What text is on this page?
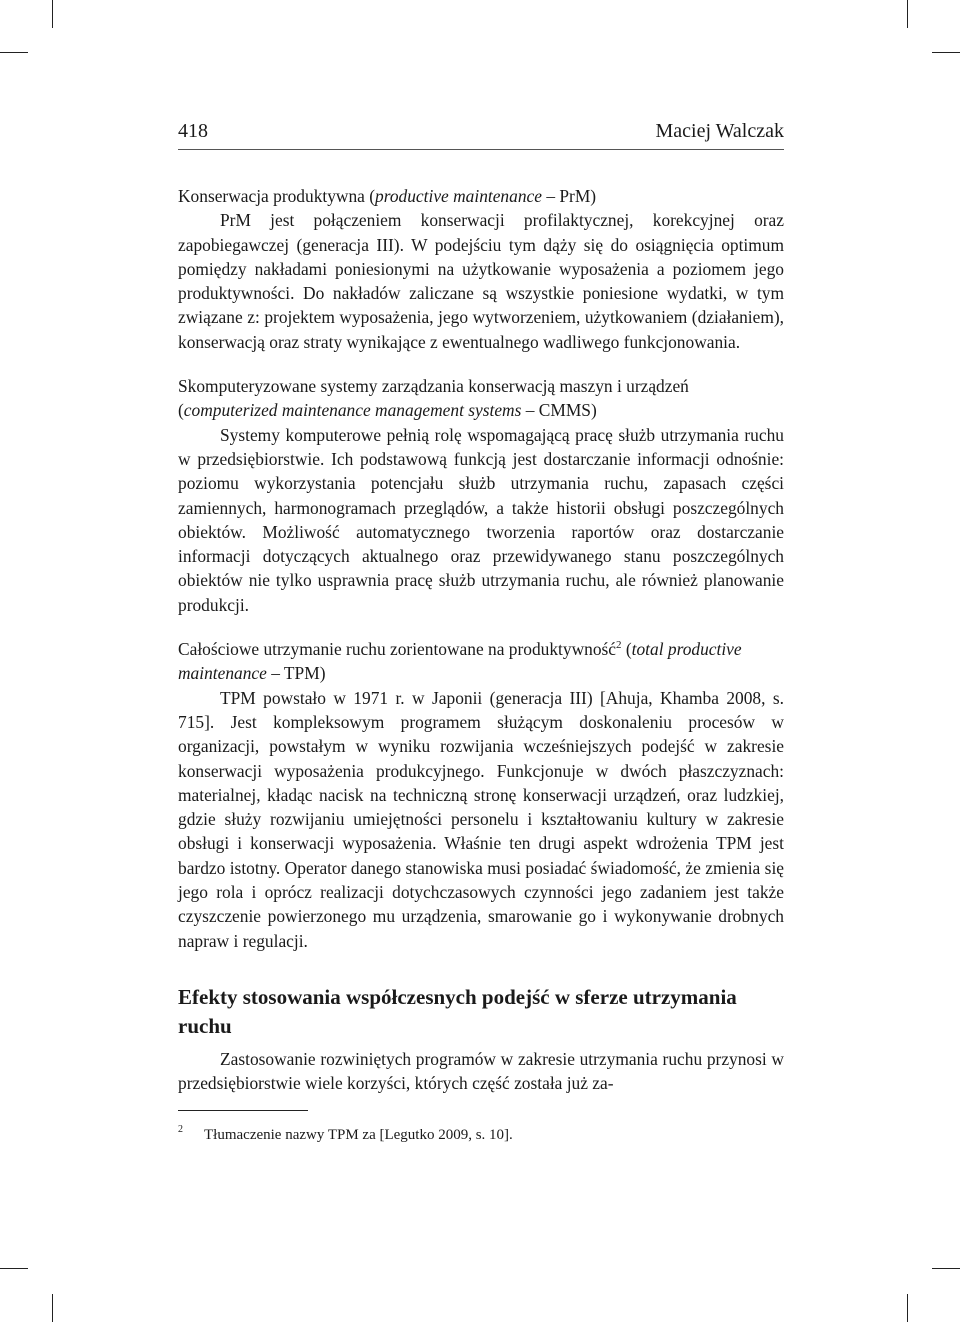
418	Maciej Walczak
Konserwacja produktywna (productive maintenance – PrM)

PrM jest połączeniem konserwacji profilaktycznej, korekcyjnej oraz zapobiegawczej (generacja III). W podejściu tym dąży się do osiągnięcia optimum pomiędzy nakładami poniesionymi na użytkowanie wyposażenia a poziomem jego produktywności. Do nakładów zaliczane są wszystkie poniesione wydatki, w tym związane z: projektem wyposażenia, jego wytworzeniem, użytkowaniem (działaniem), konserwacją oraz straty wynikające z ewentualnego wadliwego funkcjonowania.

Skomputeryzowane systemy zarządzania konserwacją maszyn i urządzeń (computerized maintenance management systems – CMMS)

Systemy komputerowe pełnią rolę wspomagającą pracę służb utrzymania ruchu w przedsiębiorstwie. Ich podstawową funkcją jest dostarczanie informacji odnośnie: poziomu wykorzystania potencjału służb utrzymania ruchu, zapasach części zamiennych, harmonogramach przeglądów, a także historii obsługi poszczególnych obiektów. Możliwość automatycznego tworzenia raportów oraz dostarczanie informacji dotyczących aktualnego oraz przewidywanego stanu poszczególnych obiektów nie tylko usprawnia pracę służb utrzymania ruchu, ale również planowanie produkcji.

Całościowe utrzymanie ruchu zorientowane na produktywność$^2$ (total productive maintenance – TPM)

TPM powstało w 1971 r. w Japonii (generacja III) [Ahuja, Khamba 2008, s. 715]. Jest kompleksowym programem służącym doskonaleniu procesów w organizacji, powstałym w wyniku rozwijania wcześniejszych podejść w zakresie konserwacji wyposażenia produkcyjnego. Funkcjonuje w dwóch płaszczyznach: materialnej, kładąc nacisk na techniczną stronę konserwacji urządzeń, oraz ludzkiej, gdzie służy rozwijaniu umiejętności personelu i kształtowaniu kultury w zakresie obsługi i konserwacji wyposażenia. Właśnie ten drugi aspekt wdrożenia TPM jest bardzo istotny. Operator danego stanowiska musi posiadać świadomość, że zmienia się jego rola i oprócz realizacji dotychczasowych czynności jego zadaniem jest także czyszczenie powierzonego mu urządzenia, smarowanie go i wykonywanie drobnych napraw i regulacji.

Efekty stosowania współczesnych podejść w sferze utrzymania ruchu

Zastosowanie rozwiniętych programów w zakresie utrzymania ruchu przynosi w przedsiębiorstwie wiele korzyści, których część została już za-

2	Tłumaczenie nazwy TPM za [Legutko 2009, s. 10].
